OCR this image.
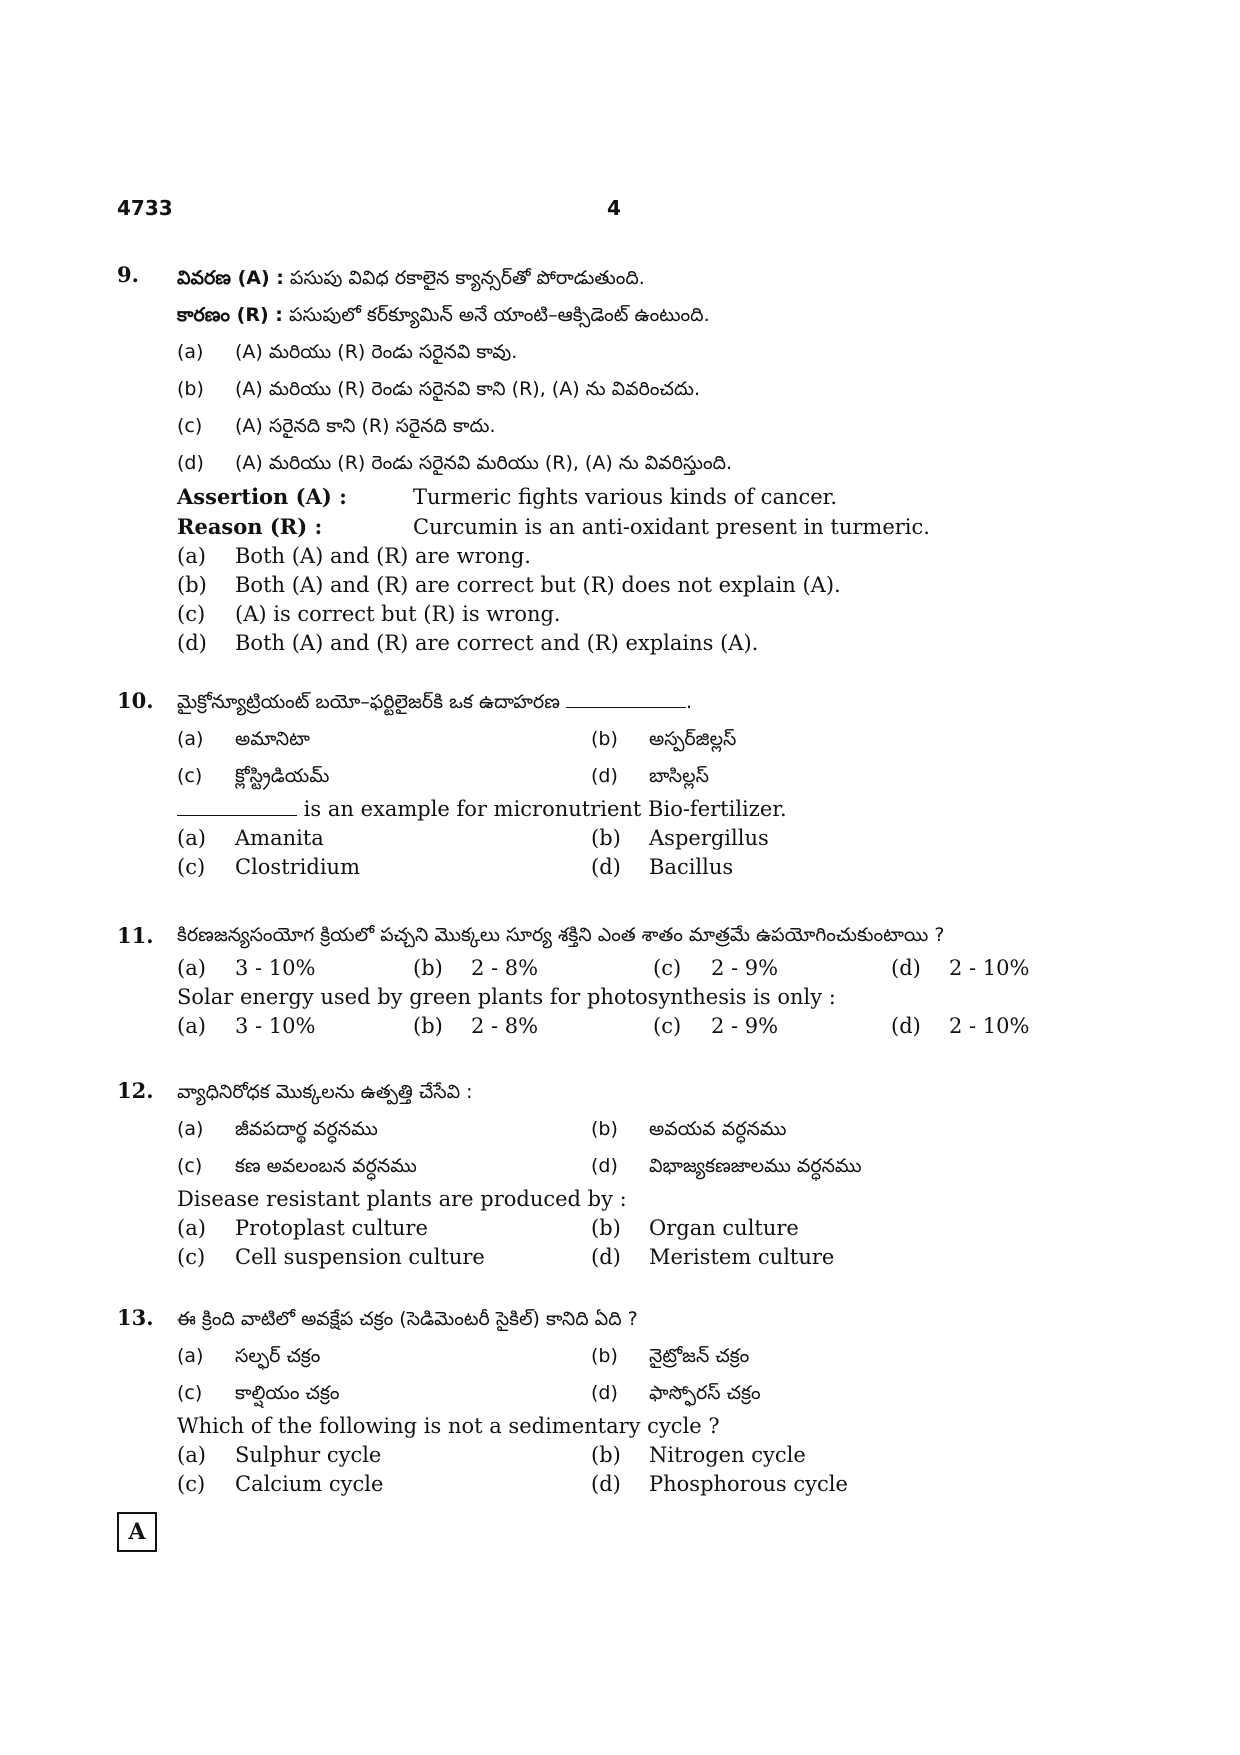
4733	4
9. వివరణ (A) : పసుపు వివిధ రకాలైన క్యాన్సర్‌తో పోరాడుతుంది.
కారణం (R) : పసుపులో కర్‌క్యూమిన్ అనే యాంటి–ఆక్సిడెంట్ ఉంటుంది.
(a) (A) మరియు (R) రెండు సరైనవి కావు.
(b) (A) మరియు (R) రెండు సరైనవి కాని (R), (A) ను వివరించదు.
(c) (A) సరైనది కాని (R) సరైనది కాదు.
(d) (A) మరియు (R) రెండు సరైనవి మరియు (R), (A) ను వివరిస్తుంది.
Assertion (A) :	Turmeric fights various kinds of cancer.
Reason (R) :	Curcumin is an anti-oxidant present in turmeric.
(a) Both (A) and (R) are wrong.
(b) Both (A) and (R) are correct but (R) does not explain (A).
(c) (A) is correct but (R) is wrong.
(d) Both (A) and (R) are correct and (R) explains (A).
10. మైక్రోన్యూట్రియంట్ బయో–ఫర్టిలైజర్‌కి ఒక ఉదాహరణ	.
(a) అమానిటా	(b) అస్పర్‌జిల్లస్
(c) క్లోస్ట్రిడియమ్	(d) బాసిల్లస్
is an example for micronutrient Bio-fertilizer.
(a) Amanita	(b) Aspergillus
(c) Clostridium	(d) Bacillus
11. కిరణజన్యసంయోగ క్రియలో పచ్చని మొక్కలు సూర్య శక్తిని ఎంత శాతం మాత్రమే ఉపయోగించుకుంటాయి ?
(a) 3 - 10%	(b) 2 - 8%	(c) 2 - 9%	(d) 2 - 10%
Solar energy used by green plants for photosynthesis is only :
(a) 3 - 10%	(b) 2 - 8%	(c) 2 - 9%	(d) 2 - 10%
12. వ్యాధినిరోధక మొక్కలను ఉత్పత్తి చేసేవి :
(a) జీవపదార్థ వర్ధనము	(b) అవయవ వర్ధనము
(c) కణ అవలంబన వర్ధనము	(d) విభాజ్యకణజాలము వర్ధనము
Disease resistant plants are produced by :
(a) Protoplast culture	(b) Organ culture
(c) Cell suspension culture	(d) Meristem culture
13. ఈ క్రింది వాటిలో అవక్షేప చక్రం (సెడిమెంటరీ సైకిల్) కానిది ఏది ?
(a) సల్ఫర్ చక్రం	(b) నైట్రోజన్ చక్రం
(c) కాల్షియం చక్రం	(d) ఫాస్ఫోరస్ చక్రం
Which of the following is not a sedimentary cycle ?
(a) Sulphur cycle	(b) Nitrogen cycle
(c) Calcium cycle	(d) Phosphorous cycle
A
